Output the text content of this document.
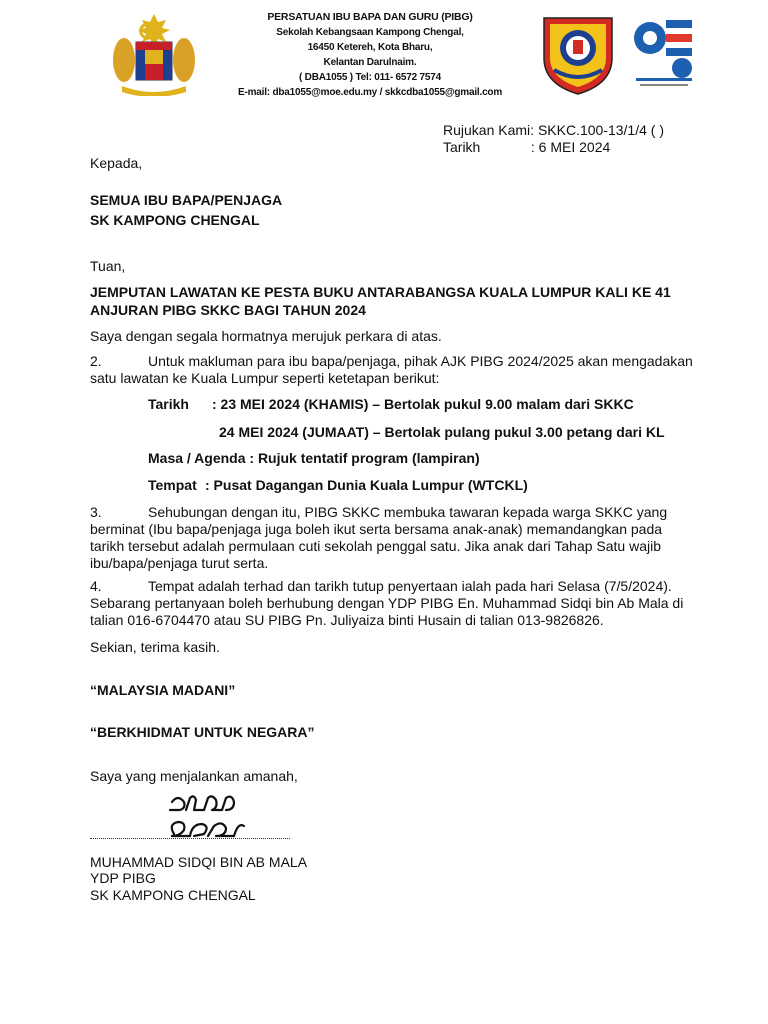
PERSATUAN IBU BAPA DAN GURU (PIBG)
Sekolah Kebangsaan Kampong Chengal,
16450 Ketereh, Kota Bharu,
Kelantan Darulnaim.
( DBA1055 ) Tel: 011- 6572 7574
E-mail: dba1055@moe.edu.my / skkcdba1055@gmail.com
Rujukan Kami: SKKC.100-13/1/4 ( )
Tarikh	: 6 MEI 2024
Kepada,
SEMUA IBU BAPA/PENJAGA
SK KAMPONG CHENGAL
Tuan,
JEMPUTAN LAWATAN KE PESTA BUKU ANTARABANGSA KUALA LUMPUR KALI KE 41
ANJURAN PIBG SKKC BAGI TAHUN 2024
Saya dengan segala hormatnya merujuk perkara di atas.
2.	Untuk makluman para ibu bapa/penjaga, pihak AJK PIBG 2024/2025 akan mengadakan
satu lawatan ke Kuala Lumpur seperti ketetapan berikut:
Tarikh : 23 MEI 2024 (KHAMIS) – Bertolak pukul 9.00 malam dari SKKC
24 MEI 2024 (JUMAAT) – Bertolak pulang pukul 3.00 petang dari KL
Masa / Agenda : Rujuk tentatif program (lampiran)
Tempat : Pusat Dagangan Dunia Kuala Lumpur (WTCKL)
3.	Sehubungan dengan itu, PIBG SKKC membuka tawaran kepada warga SKKC yang
berminat (Ibu bapa/penjaga juga boleh ikut serta bersama anak-anak) memandangkan pada
tarikh tersebut adalah permulaan cuti sekolah penggal satu. Jika anak dari Tahap Satu wajib
ibu/bapa/penjaga turut serta.
4.	Tempat adalah terhad dan tarikh tutup penyertaan ialah pada hari Selasa (7/5/2024).
Sebarang pertanyaan boleh berhubung dengan YDP PIBG En. Muhammad Sidqi bin Ab Mala di
talian 016-6704470 atau SU PIBG Pn. Juliyaiza binti Husain di talian 013-9826826.
Sekian, terima kasih.
“MALAYSIA MADANI”
“BERKHIDMAT UNTUK NEGARA”
Saya yang menjalankan amanah,
MUHAMMAD SIDQI BIN AB MALA
YDP PIBG
SK KAMPONG CHENGAL
